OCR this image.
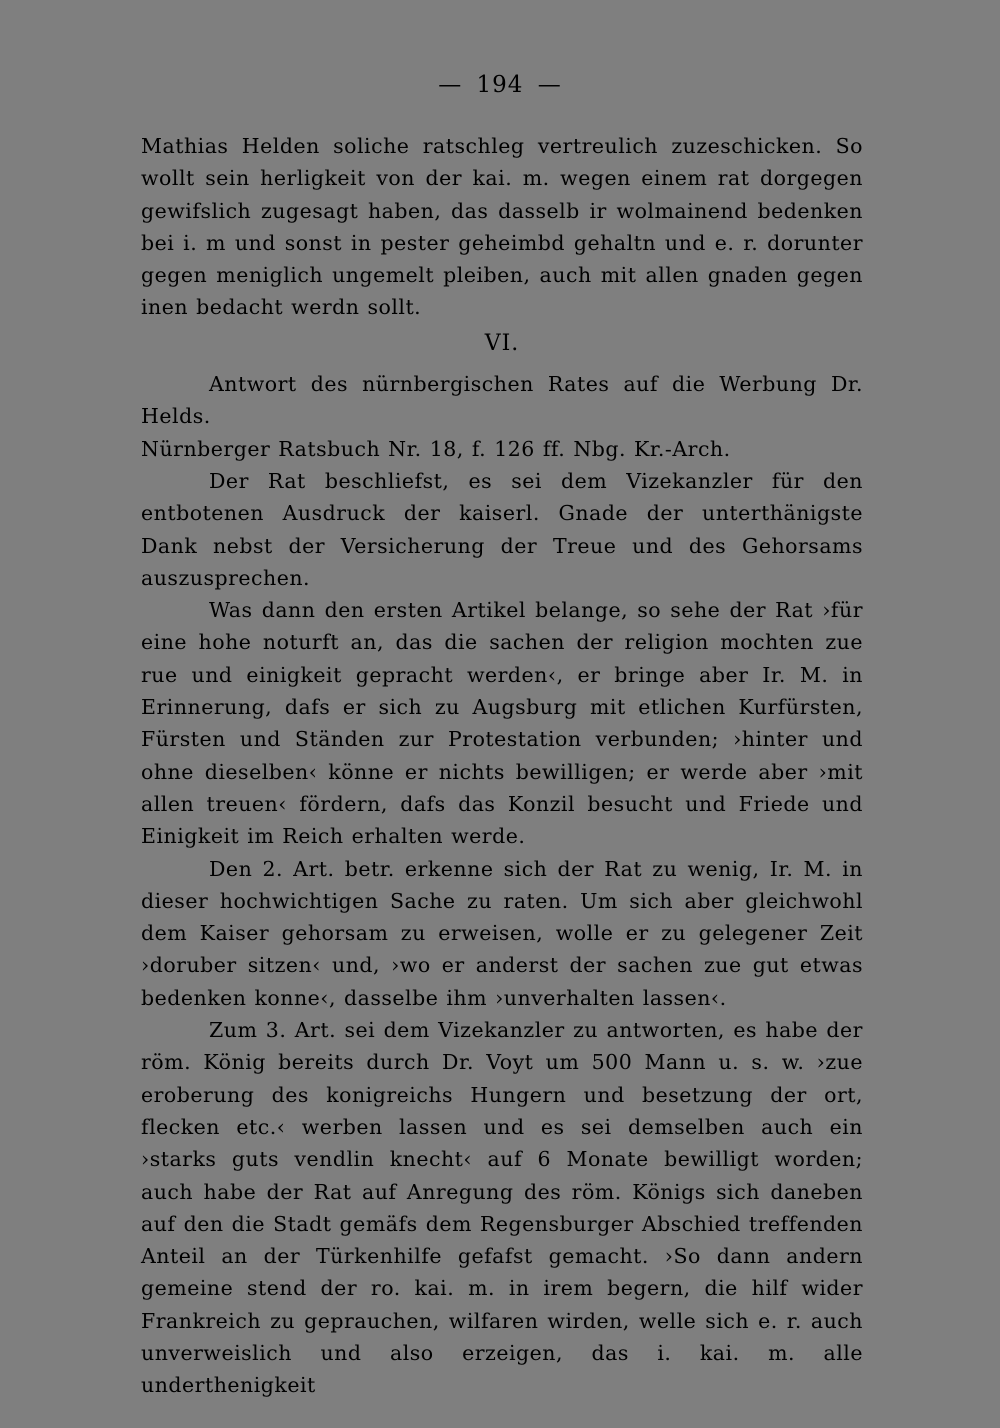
— 194 —

Mathias Helden soliche ratschleg vertreulich zuzeschicken. So wollt sein herligkeit von der kai. m. wegen einem rat dorgegen gewifslich zugesagt haben, das dasselb ir wolmainend bedenken bei i. m und sonst in pester geheimbd gehaltn und e. r. dorunter gegen meniglich ungemelt pleiben, auch mit allen gnaden gegen inen bedacht werdn sollt.

VI.

Antwort des nürnbergischen Rates auf die Werbung Dr. Helds.

Nürnberger Ratsbuch Nr. 18, f. 126 ff. Nbg. Kr.-Arch.

Der Rat beschliefst, es sei dem Vizekanzler für den entbotenen Ausdruck der kaiserl. Gnade der unterthänigste Dank nebst der Versicherung der Treue und des Gehorsams auszusprechen.

Was dann den ersten Artikel belange, so sehe der Rat ›für eine hohe noturft an, das die sachen der religion mochten zue rue und einigkeit gepracht werden‹, er bringe aber Ir. M. in Erinnerung, dafs er sich zu Augsburg mit etlichen Kurfürsten, Fürsten und Ständen zur Protestation verbunden; ›hinter und ohne dieselben‹ könne er nichts bewilligen; er werde aber ›mit allen treuen‹ fördern, dafs das Konzil besucht und Friede und Einigkeit im Reich erhalten werde.

Den 2. Art. betr. erkenne sich der Rat zu wenig, Ir. M. in dieser hochwichtigen Sache zu raten. Um sich aber gleichwohl dem Kaiser gehorsam zu erweisen, wolle er zu gelegener Zeit ›doruber sitzen‹ und, ›wo er anderst der sachen zue gut etwas bedenken konne‹, dasselbe ihm ›unverhalten lassen‹.

Zum 3. Art. sei dem Vizekanzler zu antworten, es habe der röm. König bereits durch Dr. Voyt um 500 Mann u. s. w. ›zue eroberung des konigreichs Hungern und besetzung der ort, flecken etc.‹ werben lassen und es sei demselben auch ein ›starks guts vendlin knecht‹ auf 6 Monate bewilligt worden; auch habe der Rat auf Anregung des röm. Königs sich daneben auf den die Stadt gemäfs dem Regensburger Abschied treffenden Anteil an der Türkenhilfe gefafst gemacht. ›So dann andern gemeine stend der ro. kai. m. in irem begern, die hilf wider Frankreich zu geprauchen, wilfaren wirden, welle sich e. r. auch unverweislich und also erzeigen, das i. kai. m. alle underthenigkeit
